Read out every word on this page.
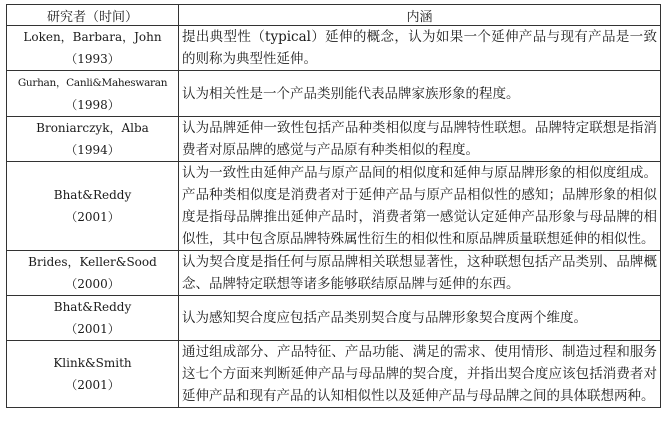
研究者（时间）	内涵
Loken，Barbara，John
（1993）	提出典型性（typical）延伸的概念，认为如果一个延伸产品与现有产品是一致的则称为典型性延伸。
Gurhan，Canli&Maheswaran
（1998）	认为相关性是一个产品类别能代表品牌家族形象的程度。
Broniarczyk，Alba
（1994）	认为品牌延伸一致性包括产品种类相似度与品牌特性联想。品牌特定联想是指消费者对原品牌的感觉与产品原有种类相似的程度。
Bhat&Reddy
（2001）	认为一致性由延伸产品与原产品间的相似度和延伸与原品牌形象的相似度组成。产品种类相似度是消费者对于延伸产品与原产品相似性的感知；品牌形象的相似度是指母品牌推出延伸产品时，消费者第一感觉认定延伸产品形象与母品牌的相似性，其中包含原品牌特殊属性衍生的相似性和原品牌质量联想延伸的相似性。
Brides，Keller&Sood
（2000）	认为契合度是指任何与原品牌相关联想显著性，这种联想包括产品类别、品牌概念、品牌特定联想等诸多能够联结原品牌与延伸的东西。
Bhat&Reddy
（2001）	认为感知契合度应包括产品类别契合度与品牌形象契合度两个维度。
Klink&Smith
（2001）	通过组成部分、产品特征、产品功能、满足的需求、使用情形、制造过程和服务这七个方面来判断延伸产品与母品牌的契合度，并指出契合度应该包括消费者对延伸产品和现有产品的认知相似性以及延伸产品与母品牌之间的具体联想两种。
